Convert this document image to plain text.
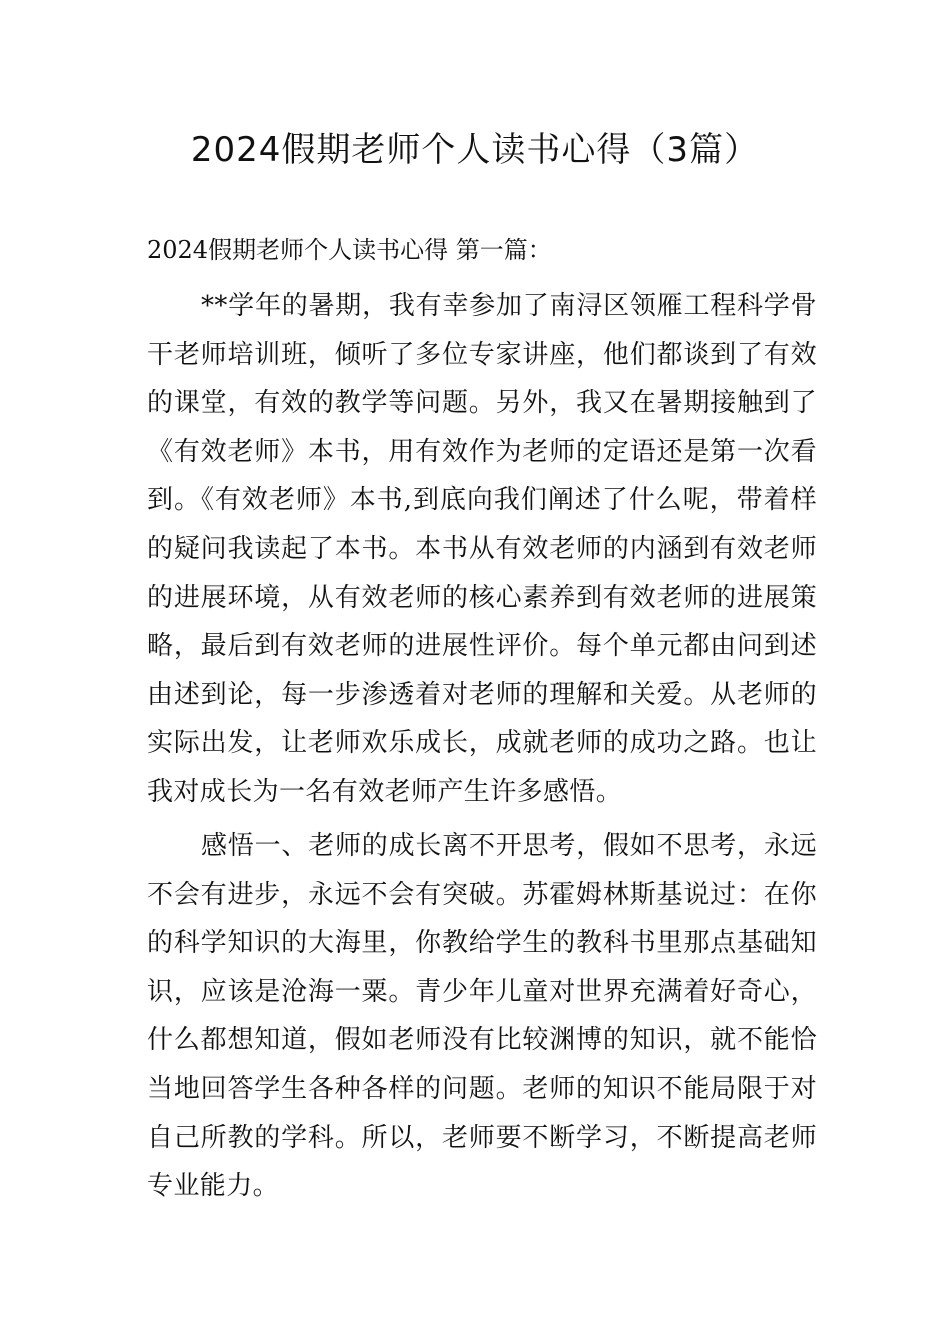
2024假期老师个人读书心得（3篇）
2024假期老师个人读书心得 第一篇：

**学年的暑期，我有幸参加了南浔区领雁工程科学骨干老师培训班，倾听了多位专家讲座，他们都谈到了有效的课堂，有效的教学等问题。另外，我又在暑期接触到了《有效老师》本书，用有效作为老师的定语还是第一次看到。《有效老师》本书,到底向我们阐述了什么呢，带着样的疑问我读起了本书。本书从有效老师的内涵到有效老师的进展环境，从有效老师的核心素养到有效老师的进展策略，最后到有效老师的进展性评价。每个单元都由问到述由述到论，每一步渗透着对老师的理解和关爱。从老师的实际出发，让老师欢乐成长，成就老师的成功之路。也让我对成长为一名有效老师产生许多感悟。

感悟一、老师的成长离不开思考，假如不思考，永远不会有进步，永远不会有突破。苏霍姆林斯基说过：在你的科学知识的大海里，你教给学生的教科书里那点基础知识，应该是沧海一粟。青少年儿童对世界充满着好奇心，什么都想知道，假如老师没有比较渊博的知识，就不能恰当地回答学生各种各样的问题。老师的知识不能局限于对自己所教的学科。所以，老师要不断学习，不断提高老师专业能力。
